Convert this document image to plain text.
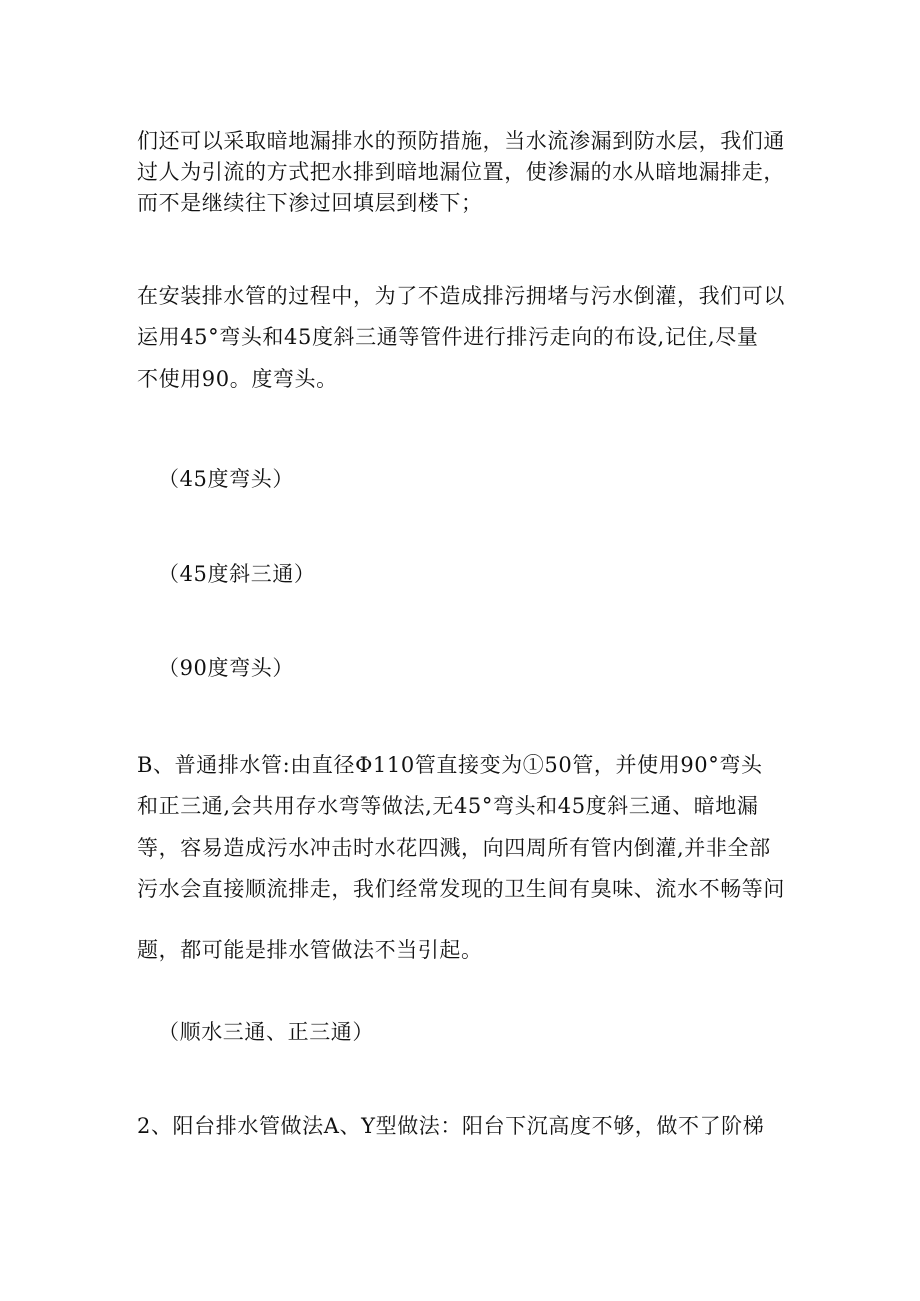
们还可以采取暗地漏排水的预防措施，当水流渗漏到防水层，我们通
过人为引流的方式把水排到暗地漏位置，使渗漏的水从暗地漏排走，
而不是继续往下渗过回填层到楼下；
在安装排水管的过程中，为了不造成排污拥堵与污水倒灌，我们可以
运用45°弯头和45度斜三通等管件进行排污走向的布设,记住,尽量
不使用90。度弯头。
（45度弯头）
（45度斜三通）
（90度弯头）
B、普通排水管:由直径Φ110管直接变为①50管，并使用90°弯头
和正三通,会共用存水弯等做法,无45°弯头和45度斜三通、暗地漏
等，容易造成污水冲击时水花四溅，向四周所有管内倒灌,并非全部
污水会直接顺流排走，我们经常发现的卫生间有臭味、流水不畅等问
题，都可能是排水管做法不当引起。
（顺水三通、正三通）
2、阳台排水管做法A、Y型做法：阳台下沉高度不够，做不了阶梯
